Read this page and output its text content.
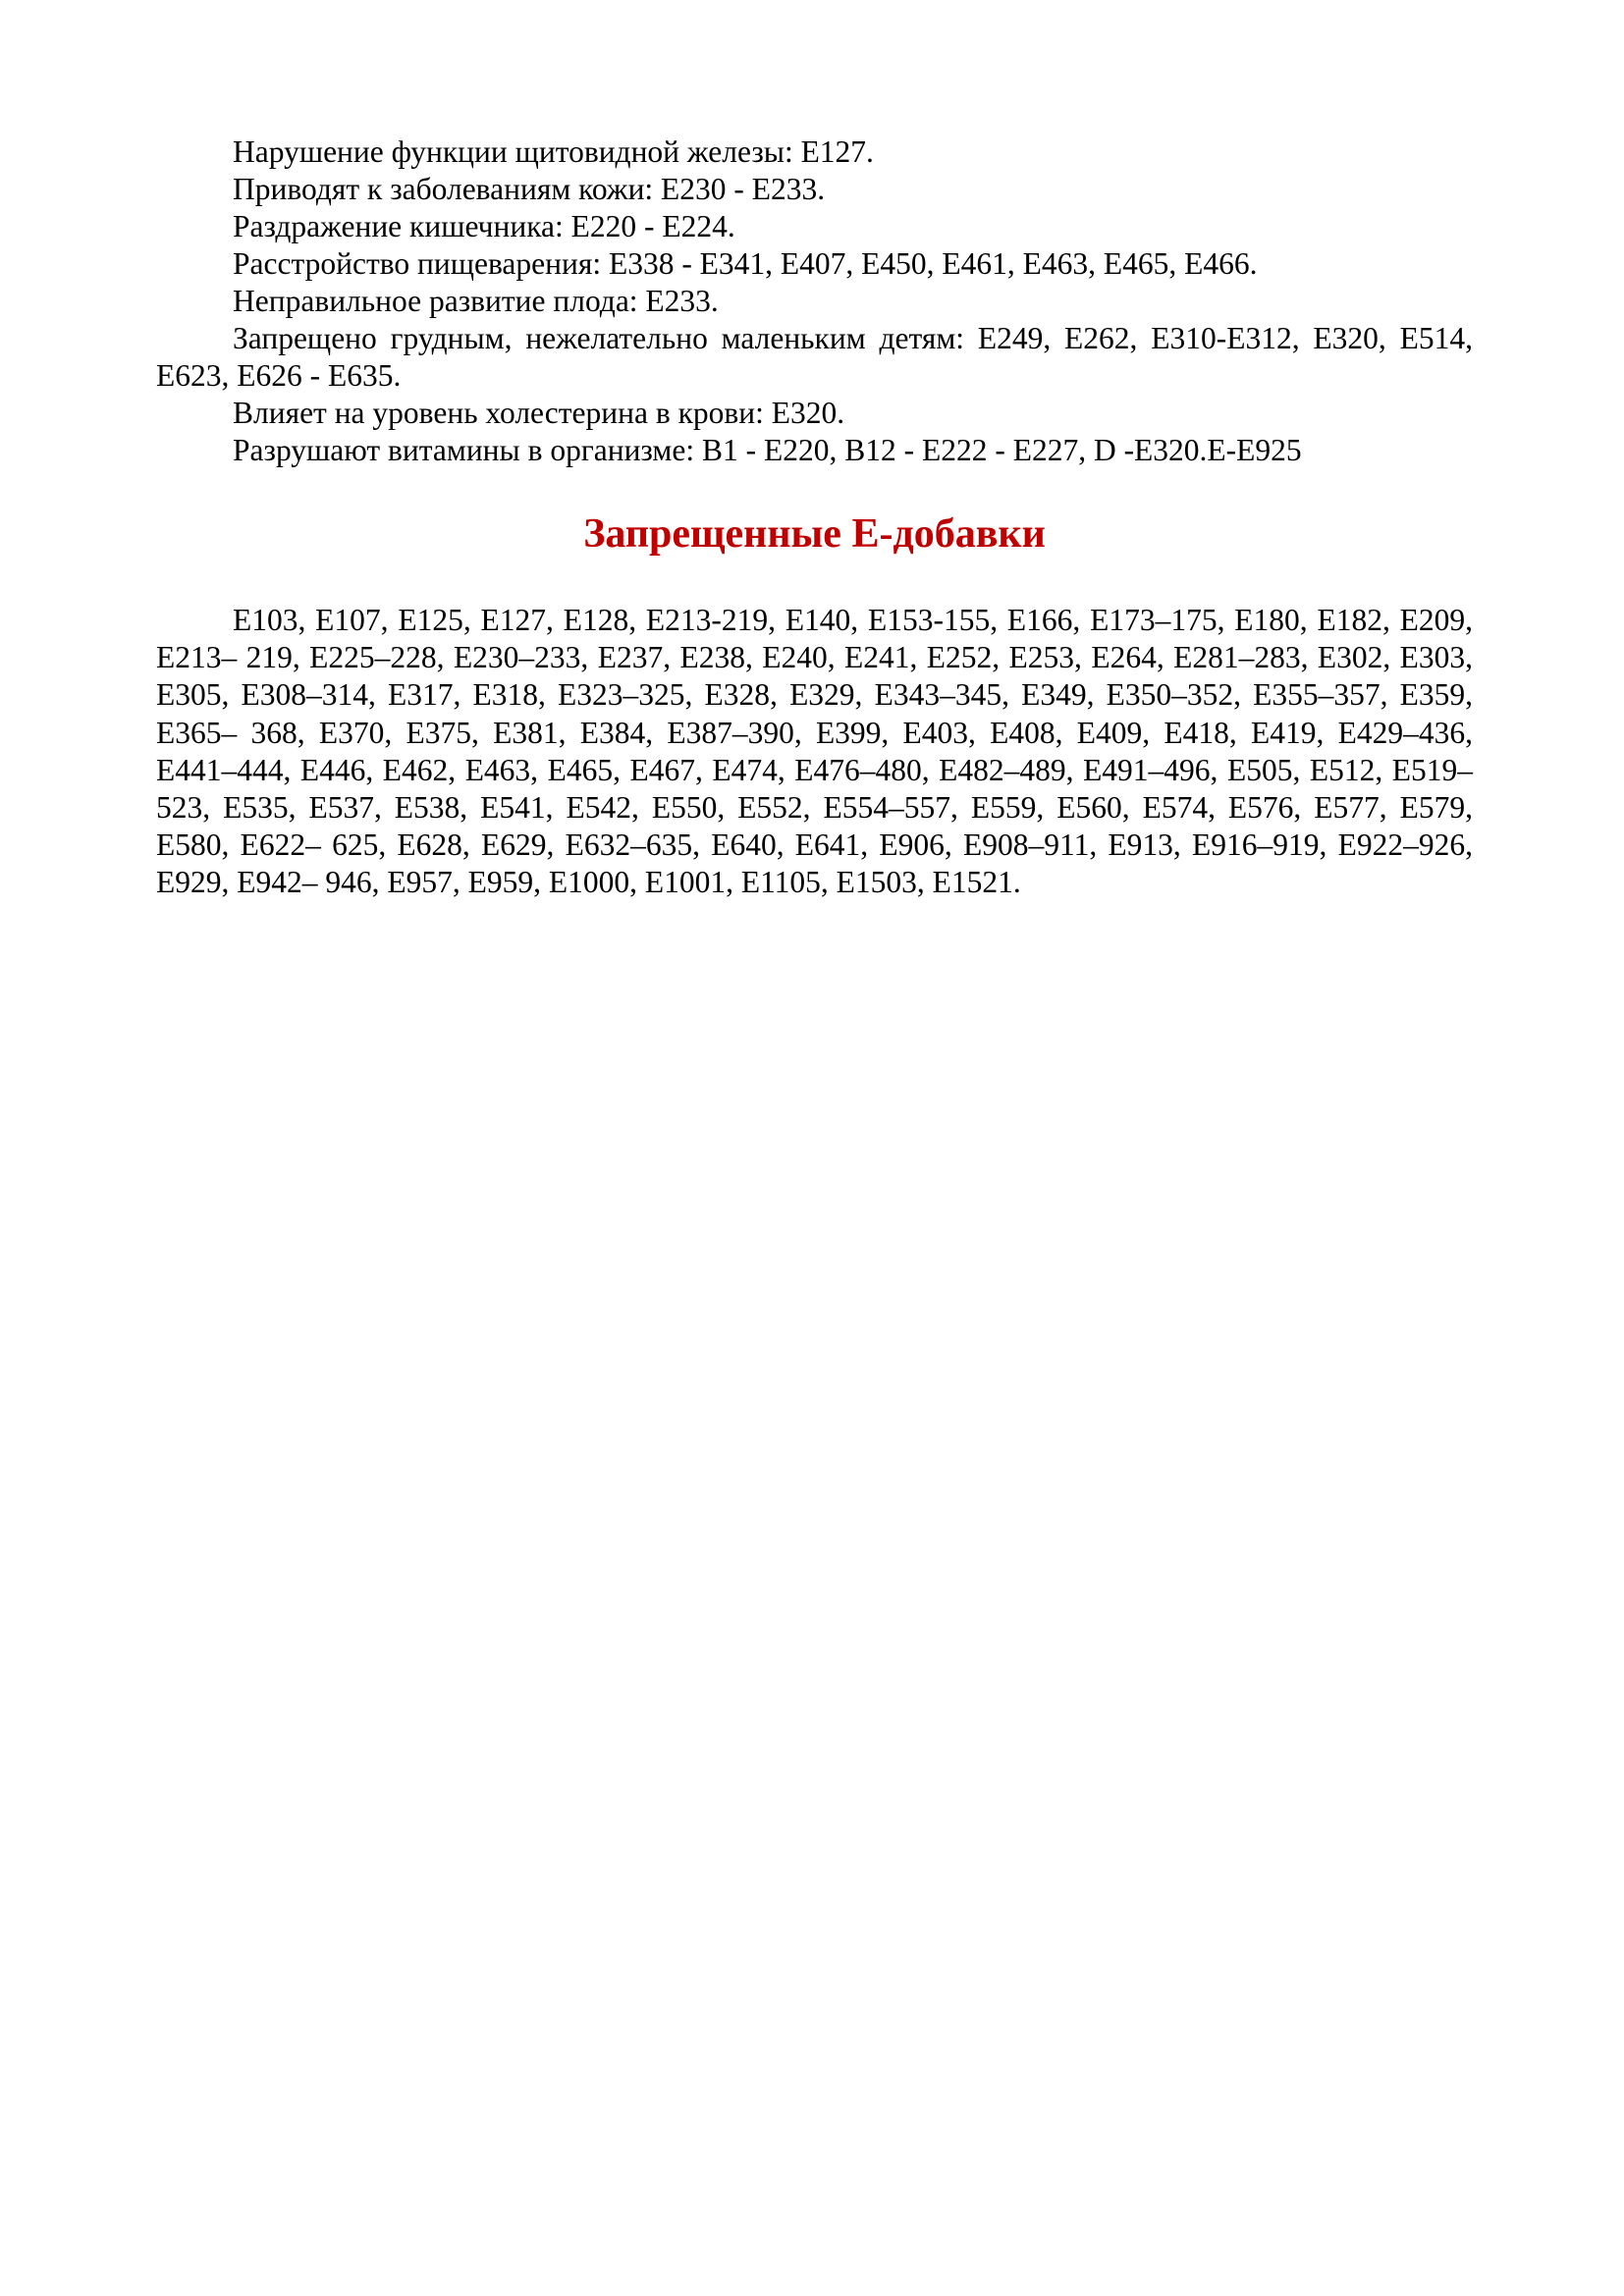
Нарушение функции щитовидной железы: Е127.

Приводят к заболеваниям кожи: Е230 - Е233.

Раздражение кишечника: Е220 - Е224.

Расстройство пищеварения: Е338 - Е341, Е407, Е450, Е461, Е463, Е465, Е466.

Неправильное развитие плода: Е233.

Запрещено грудным, нежелательно маленьким детям: Е249, Е262, Е310-Е312, Е320, Е514, Е623, Е626 - Е635.

Влияет на уровень холестерина в крови: Е320.

Разрушают витамины в организме: В1 - Е220, В12 - Е222 - Е227, D -Е320.E-E925

Запрещенные Е-добавки

Е103, Е107, Е125, Е127, Е128, Е213-219, Е140, Е153-155, Е166, Е173–175, Е180, Е182, Е209, Е213– 219, Е225–228, Е230–233, Е237, Е238, Е240, Е241, Е252, Е253, Е264, Е281–283, Е302, Е303, Е305, Е308–314, Е317, Е318, Е323–325, Е328, Е329, Е343–345, Е349, Е350–352, Е355–357, Е359, Е365– 368, Е370, Е375, Е381, Е384, Е387–390, Е399, Е403, Е408, Е409, Е418, Е419, Е429–436, Е441–444, Е446, Е462, Е463, Е465, Е467, Е474, Е476–480, Е482–489, Е491–496, Е505, Е512, Е519–523, Е535, Е537, Е538, Е541, Е542, Е550, Е552, Е554–557, Е559, Е560, Е574, Е576, Е577, Е579, Е580, Е622– 625, Е628, Е629, Е632–635, Е640, Е641, Е906, Е908–911, Е913, Е916–919, Е922–926, Е929, Е942– 946, Е957, Е959, Е1000, Е1001, Е1105, Е1503, Е1521.
